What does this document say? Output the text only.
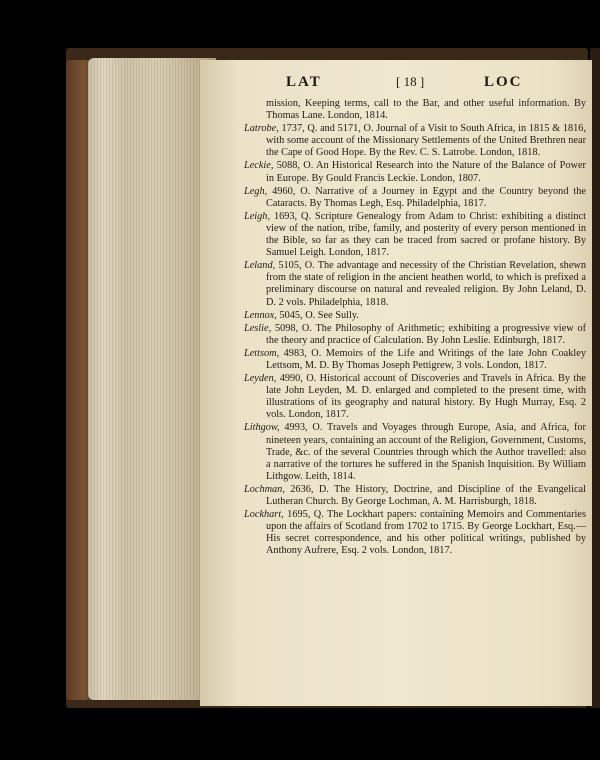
LAT	[ 18 ]	LOC

mission, Keeping terms, call to the Bar, and other useful information. By Thomas Lane. London, 1814.

Latrobe, 1737, Q. and 5171, O. Journal of a Visit to South Africa, in 1815 & 1816, with some account of the Missionary Settlements of the United Brethren near the Cape of Good Hope. By the Rev. C. S. Latrobe. London, 1818.

Leckie, 5088, O. An Historical Research into the Nature of the Balance of Power in Europe. By Gould Francis Leckie. London, 1807.

Legh, 4960, O. Narrative of a Journey in Egypt and the Country beyond the Cataracts. By Thomas Legh, Esq. Philadelphia, 1817.

Leigh, 1693, Q. Scripture Genealogy from Adam to Christ: exhibiting a distinct view of the nation, tribe, family, and posterity of every person mentioned in the Bible, so far as they can be traced from sacred or profane history. By Samuel Leigh. London, 1817.

Leland, 5105, O. The advantage and necessity of the Christian Revelation, shewn from the state of religion in the ancient heathen world, to which is prefixed a preliminary discourse on natural and revealed religion. By John Leland, D. D. 2 vols. Philadelphia, 1818.

Lennox, 5045, O. See Sully.

Leslie, 5098, O. The Philosophy of Arithmetic; exhibiting a progressive view of the theory and practice of Calculation. By John Leslie. Edinburgh, 1817.

Lettsom, 4983, O. Memoirs of the Life and Writings of the late John Coakley Lettsom, M. D. By Thomas Joseph Pettigrew, 3 vols. London, 1817.

Leyden, 4990, O. Historical account of Discoveries and Travels in Africa. By the late John Leyden, M. D. enlarged and completed to the present time, with illustrations of its geography and natural history. By Hugh Murray, Esq. 2 vols. London, 1817.

Lithgow, 4993, O. Travels and Voyages through Europe, Asia, and Africa, for nineteen years, containing an account of the Religion, Government, Customs, Trade, &c. of the several Countries through which the Author travelled: also a narrative of the tortures he suffered in the Spanish Inquisition. By William Lithgow. Leith, 1814.

Lochman, 2636, D. The History, Doctrine, and Discipline of the Evangelical Lutheran Church. By George Lochman, A. M. Harrisburgh, 1818.

Lockhart, 1695, Q. The Lockhart papers: containing Memoirs and Commentaries upon the affairs of Scotland from 1702 to 1715. By George Lockhart, Esq.—His secret correspondence, and his other political writings, published by Anthony Aufrere, Esq. 2 vols. London, 1817.
